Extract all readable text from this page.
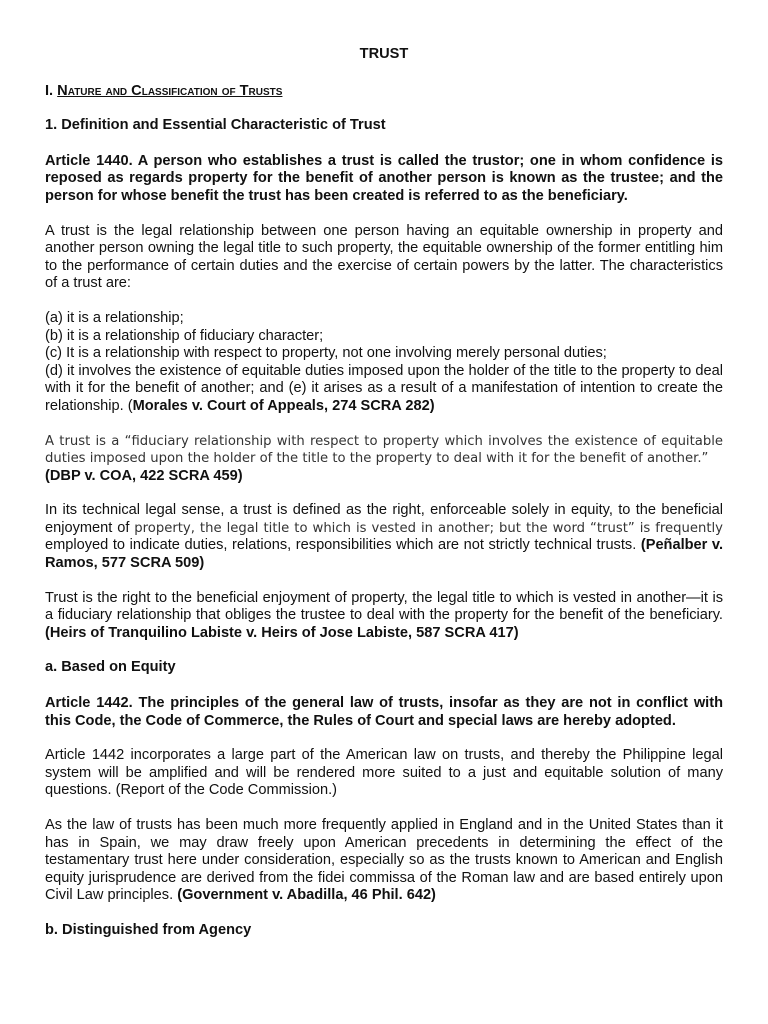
TRUST
I. Nature and Classification of Trusts
1. Definition and Essential Characteristic of Trust

Article 1440. A person who establishes a trust is called the trustor; one in whom confidence is reposed as regards property for the benefit of another person is known as the trustee; and the person for whose benefit the trust has been created is referred to as the beneficiary.

A trust is the legal relationship between one person having an equitable ownership in property and another person owning the legal title to such property, the equitable ownership of the former entitling him to the performance of certain duties and the exercise of certain powers by the latter. The characteristics of a trust are:

(a) it is a relationship;
(b) it is a relationship of fiduciary character;
(c) It is a relationship with respect to property, not one involving merely personal duties;
(d) it involves the existence of equitable duties imposed upon the holder of the title to the property to deal with it for the benefit of another; and (e) it arises as a result of a manifestation of intention to create the relationship. (Morales v. Court of Appeals, 274 SCRA 282)

A trust is a “fiduciary relationship with respect to property which involves the existence of equitable duties imposed upon the holder of the title to the property to deal with it for the benefit of another.”
(DBP v. COA, 422 SCRA 459)

In its technical legal sense, a trust is defined as the right, enforceable solely in equity, to the beneficial enjoyment of property, the legal title to which is vested in another; but the word “trust” is frequently employed to indicate duties, relations, responsibilities which are not strictly technical trusts. (Peñalber v. Ramos, 577 SCRA 509)

Trust is the right to the beneficial enjoyment of property, the legal title to which is vested in another—it is a fiduciary relationship that obliges the trustee to deal with the property for the benefit of the beneficiary. (Heirs of Tranquilino Labiste v. Heirs of Jose Labiste, 587 SCRA 417)

a. Based on Equity

Article 1442. The principles of the general law of trusts, insofar as they are not in conflict with this Code, the Code of Commerce, the Rules of Court and special laws are hereby adopted.

Article 1442 incorporates a large part of the American law on trusts, and thereby the Philippine legal system will be amplified and will be rendered more suited to a just and equitable solution of many questions. (Report of the Code Commission.)

As the law of trusts has been much more frequently applied in England and in the United States than it has in Spain, we may draw freely upon American precedents in determining the effect of the testamentary trust here under consideration, especially so as the trusts known to American and English equity jurisprudence are derived from the fidei commissa of the Roman law and are based entirely upon Civil Law principles. (Government v. Abadilla, 46 Phil. 642)

b. Distinguished from Agency
